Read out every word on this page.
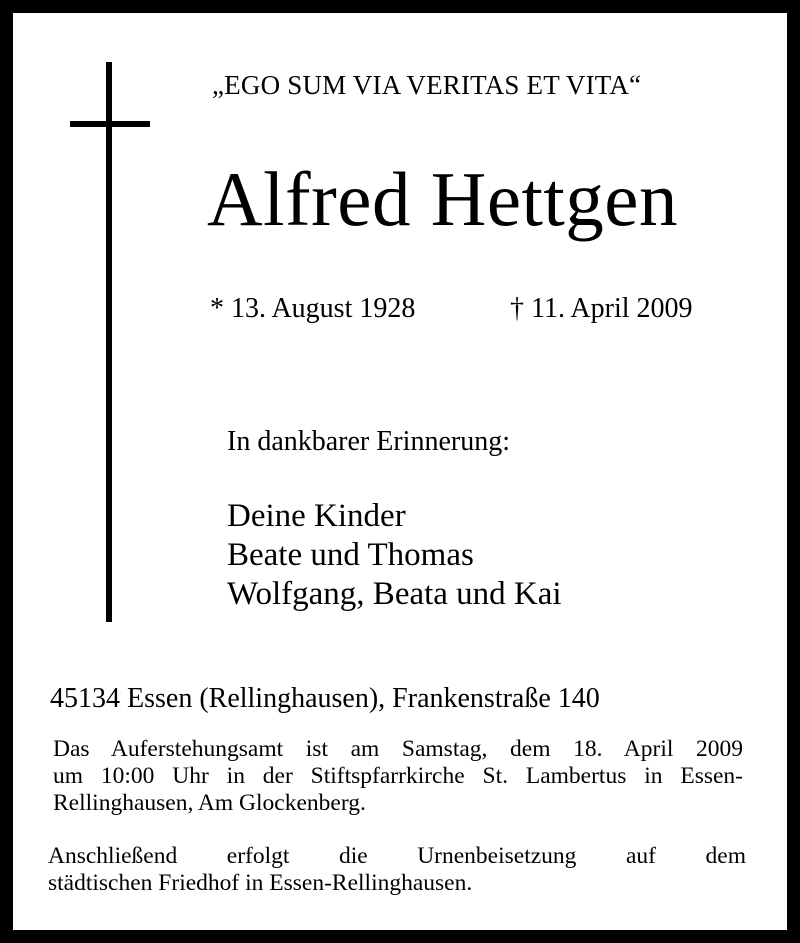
„EGO SUM VIA VERITAS ET VITA“
Alfred Hettgen
* 13. August 1928	† 11. April 2009
In dankbarer Erinnerung:
Deine Kinder
Beate und Thomas
Wolfgang, Beata und Kai
45134 Essen (Rellinghausen), Frankenstraße 140
Das Auferstehungsamt ist am Samstag, dem 18. April 2009
um 10:00 Uhr in der Stiftspfarrkirche St. Lambertus in Essen-
Rellinghausen, Am Glockenberg.
Anschließend erfolgt die Urnenbeisetzung auf dem
städtischen Friedhof in Essen-Rellinghausen.
